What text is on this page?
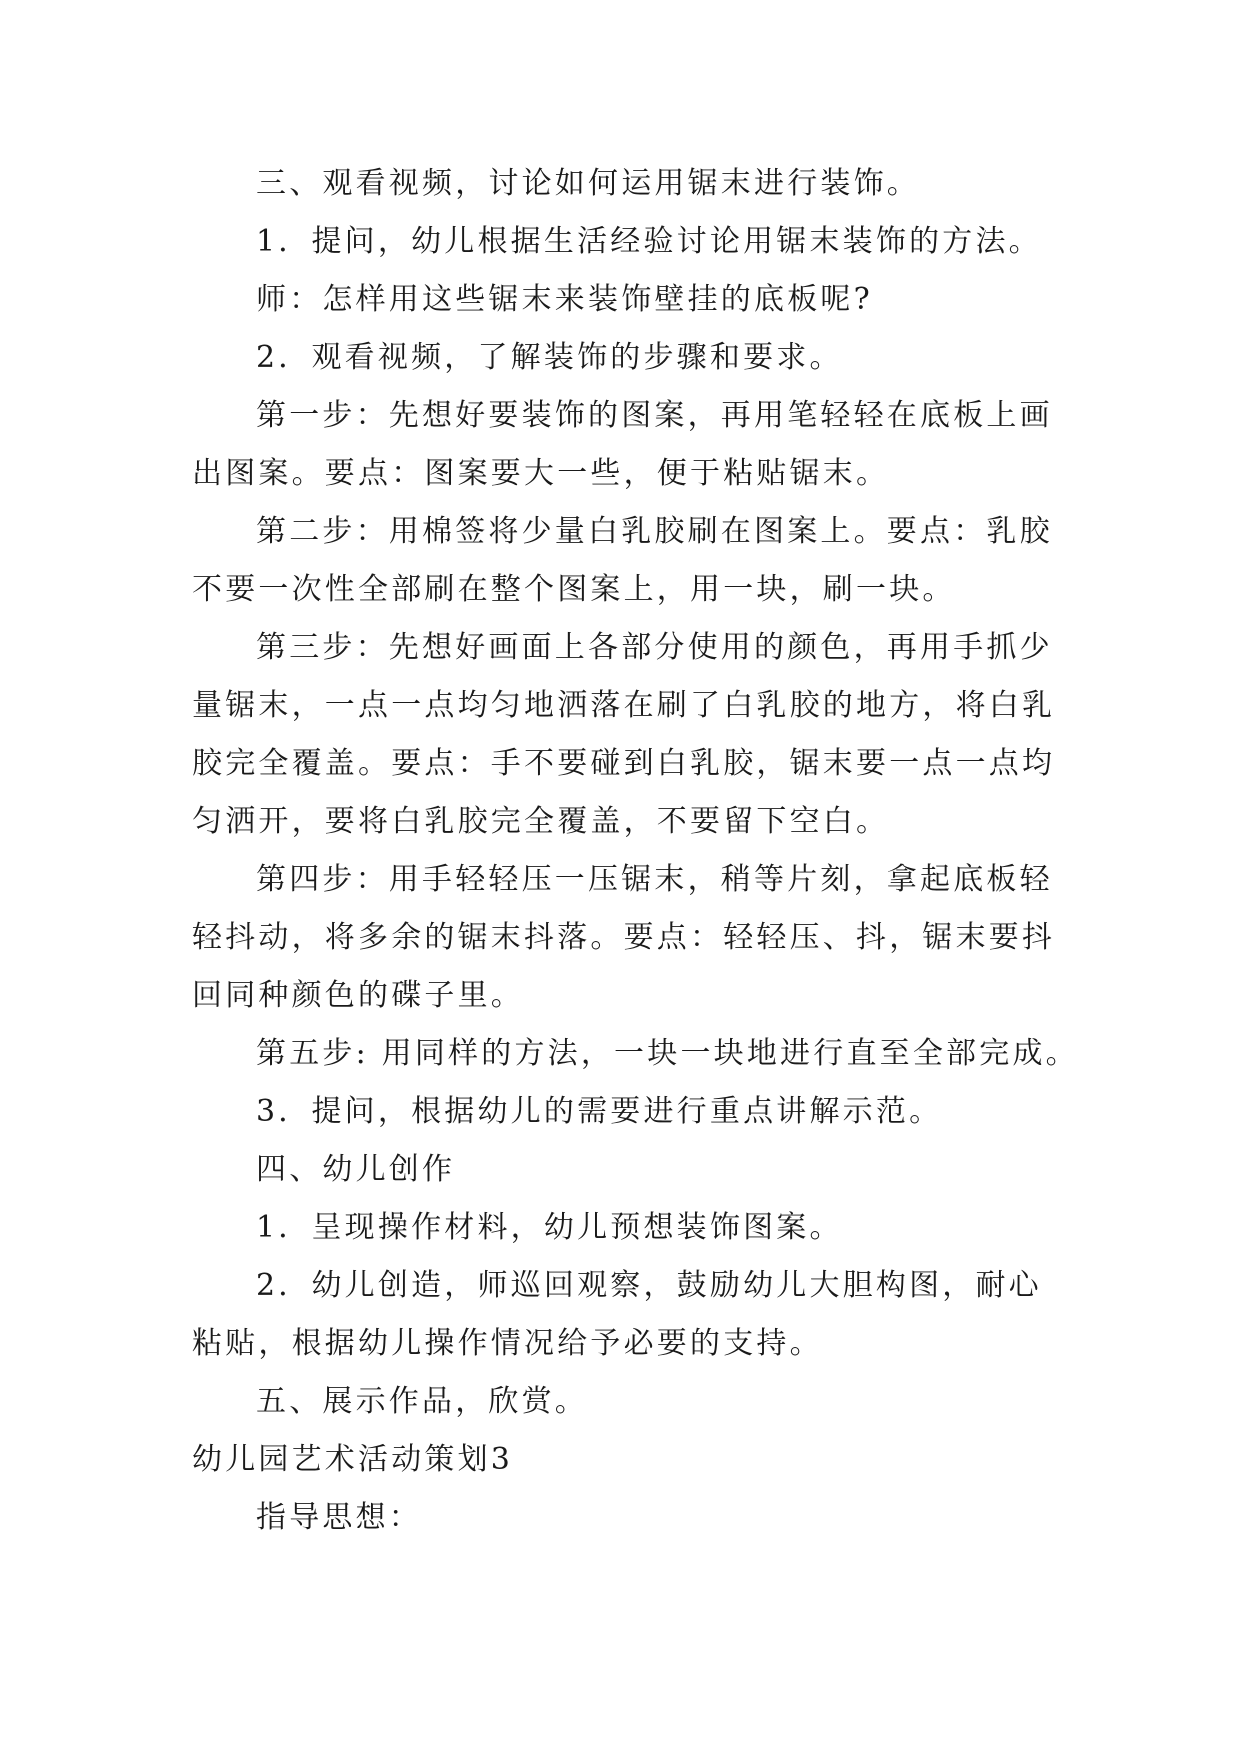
三、观看视频，讨论如何运用锯末进行装饰。
1．提问，幼儿根据生活经验讨论用锯末装饰的方法。
师：怎样用这些锯末来装饰壁挂的底板呢?
2．观看视频，了解装饰的步骤和要求。
第一步：先想好要装饰的图案，再用笔轻轻在底板上画
出图案。要点：图案要大一些，便于粘贴锯末。
第二步：用棉签将少量白乳胶刷在图案上。要点：乳胶
不要一次性全部刷在整个图案上，用一块，刷一块。
第三步：先想好画面上各部分使用的颜色，再用手抓少
量锯末，一点一点均匀地洒落在刷了白乳胶的地方，将白乳
胶完全覆盖。要点：手不要碰到白乳胶，锯末要一点一点均
匀洒开，要将白乳胶完全覆盖，不要留下空白。
第四步：用手轻轻压一压锯末，稍等片刻，拿起底板轻
轻抖动，将多余的锯末抖落。要点：轻轻压、抖，锯末要抖
回同种颜色的碟子里。
第五步: 用同样的方法，一块一块地进行直至全部完成。
3．提问，根据幼儿的需要进行重点讲解示范。
四、幼儿创作
1．呈现操作材料，幼儿预想装饰图案。
2．幼儿创造，师巡回观察，鼓励幼儿大胆构图，耐心
粘贴，根据幼儿操作情况给予必要的支持。
五、展示作品，欣赏。
幼儿园艺术活动策划3
指导思想：
